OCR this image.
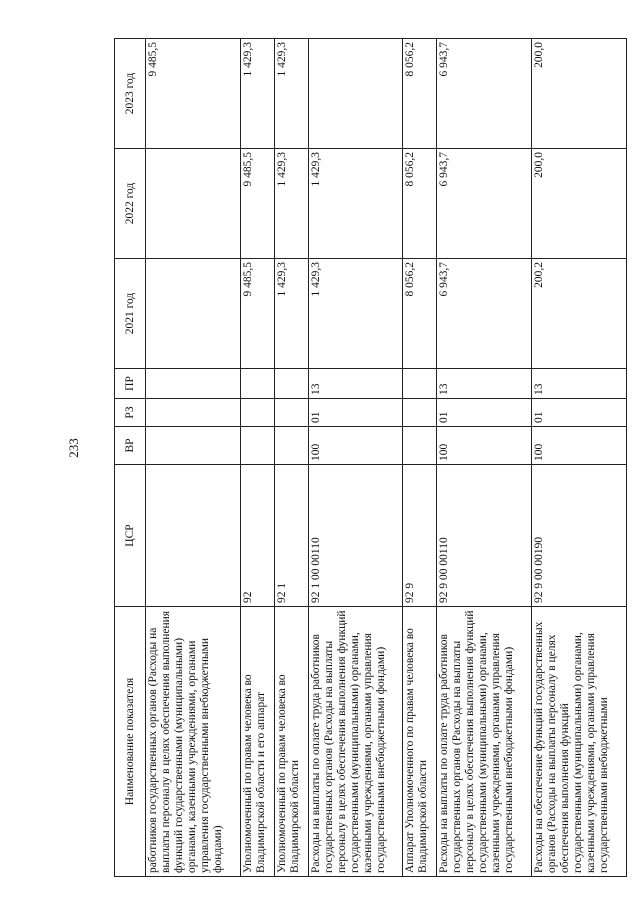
233
Наименование показателя	ЦСР	ВР	РЗ	ПР	2021 год	2022 год	2023 год
работников государственных органов (Расходы на выплаты персоналу в целях обеспечения выполнения функций государственными (муниципальными) органами, казенными учреждениями, органами управления государственными внебюджетными фондами)							9 485,5
Уполномоченный по правам человека во Владимирской области и его аппарат	92				9 485,5	9 485,5	1 429,3
Уполномоченный по правам человека во Владимирской области	92 1				1 429,3	1 429,3	1 429,3
Расходы на выплаты по оплате труда работников государственных органов (Расходы на выплаты персоналу в целях обеспечения выполнения функций государственными (муниципальными) органами, казенными учреждениями, органами управления государственными внебюджетными фондами)	92 1 00 00110	100	01	13	1 429,3	1 429,3	
Аппарат Уполномоченного по правам человека во Владимирской области	92 9				8 056,2	8 056,2	8 056,2
Расходы на выплаты по оплате труда работников государственных органов (Расходы на выплаты персоналу в целях обеспечения выполнения функций государственными (муниципальными) органами, казенными учреждениями, органами управления государственными внебюджетными фондами)	92 9 00 00110	100	01	13	6 943,7	6 943,7	6 943,7
Расходы на обеспечение функций государственных органов (Расходы на выплаты персоналу в целях обеспечения выполнения функций государственными (муниципальными) органами, казенными учреждениями, органами управления государственными внебюджетными	92 9 00 00190	100	01	13	200,2	200,0	200,0
